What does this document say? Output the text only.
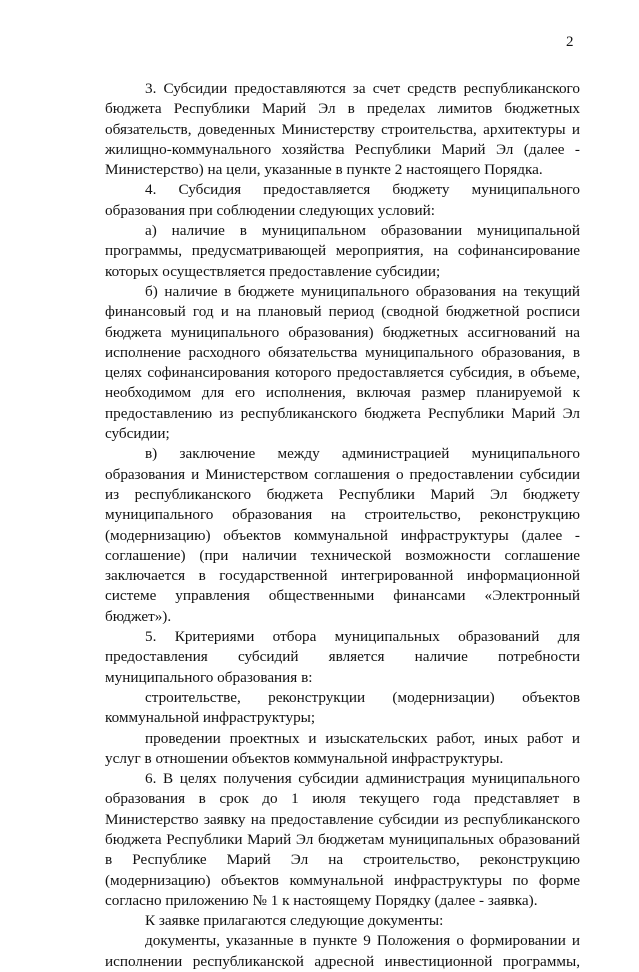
2

3. Субсидии предоставляются за счет средств республиканского бюджета Республики Марий Эл в пределах лимитов бюджетных обязательств, доведенных Министерству строительства, архитектуры и жилищно-коммунального хозяйства Республики Марий Эл (далее - Министерство) на цели, указанные в пункте 2 настоящего Порядка.

4. Субсидия предоставляется бюджету муниципального образования при соблюдении следующих условий:

а) наличие в муниципальном образовании муниципальной программы, предусматривающей мероприятия, на софинансирование которых осуществляется предоставление субсидии;

б) наличие в бюджете муниципального образования на текущий финансовый год и на плановый период (сводной бюджетной росписи бюджета муниципального образования) бюджетных ассигнований на исполнение расходного обязательства муниципального образования, в целях софинансирования которого предоставляется субсидия, в объеме, необходимом для его исполнения, включая размер планируемой к предоставлению из республиканского бюджета Республики Марий Эл субсидии;

в) заключение между администрацией муниципального образования и Министерством соглашения о предоставлении субсидии из республиканского бюджета Республики Марий Эл бюджету муниципального образования на строительство, реконструкцию (модернизацию) объектов коммунальной инфраструктуры (далее - соглашение) (при наличии технической возможности соглашение заключается в государственной интегрированной информационной системе управления общественными финансами «Электронный бюджет»).

5. Критериями отбора муниципальных образований для предоставления субсидий является наличие потребности муниципального образования в:

строительстве, реконструкции (модернизации) объектов коммунальной инфраструктуры;

проведении проектных и изыскательских работ, иных работ и услуг в отношении объектов коммунальной инфраструктуры.

6. В целях получения субсидии администрация муниципального образования в срок до 1 июля текущего года представляет в Министерство заявку на предоставление субсидии из республиканского бюджета Республики Марий Эл бюджетам муниципальных образований в Республике Марий Эл на строительство, реконструкцию (модернизацию) объектов коммунальной инфраструктуры по форме согласно приложению № 1 к настоящему Порядку (далее - заявка).

К заявке прилагаются следующие документы:

документы, указанные в пункте 9 Положения о формировании и исполнении республиканской адресной инвестиционной программы,
